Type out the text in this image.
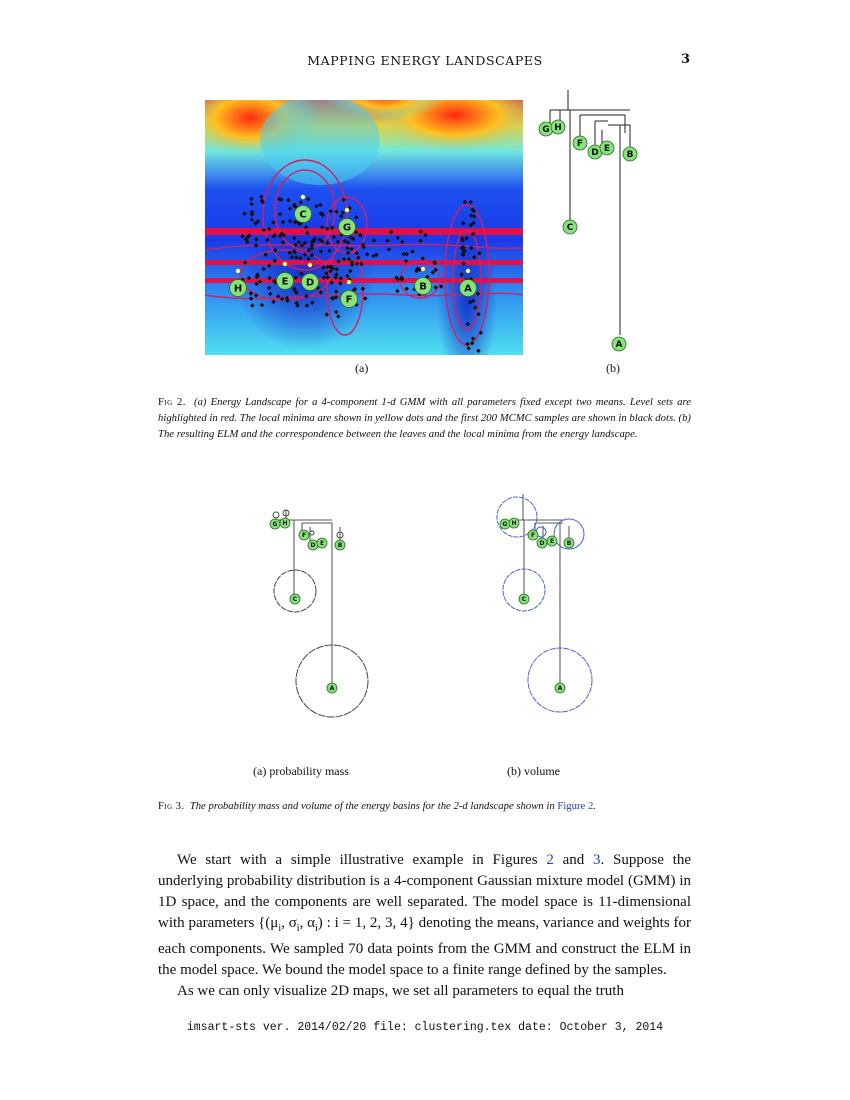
MAPPING ENERGY LANDSCAPES	3
A
B
C
D
E
F
G
H
(a)
A
B
C
D E
F
G H
(b)
Fig 2. (a) Energy Landscape for a 4-component 1-d GMM with all parameters fixed except two means. Level sets are highlighted in red. The local minima are shown in yellow dots and the first 200 MCMC samples are shown in black dots. (b) The resulting ELM and the correspondence between the leaves and the local minima from the energy landscape.
A
B
C
D E
F
G H
(a) probability mass
A
B
C
D E
F
G H
(b) volume
Fig 3. The probability mass and volume of the energy basins for the 2-d landscape shown in Figure 2.

We start with a simple illustrative example in Figures 2 and 3. Suppose the underlying probability distribution is a 4-component Gaussian mixture model (GMM) in 1D space, and the components are well separated. The model space is 11-dimensional with parameters {($\mu_i$, $\sigma_i$, $\alpha_i$) : i = 1, 2, 3, 4} denoting the means, variance and weights for each components. We sampled 70 data points from the GMM and construct the ELM in the model space. We bound the model space to a finite range defined by the samples.

As we can only visualize 2D maps, we set all parameters to equal the truth

imsart-sts ver. 2014/02/20 file: clustering.tex date: October 3, 2014
